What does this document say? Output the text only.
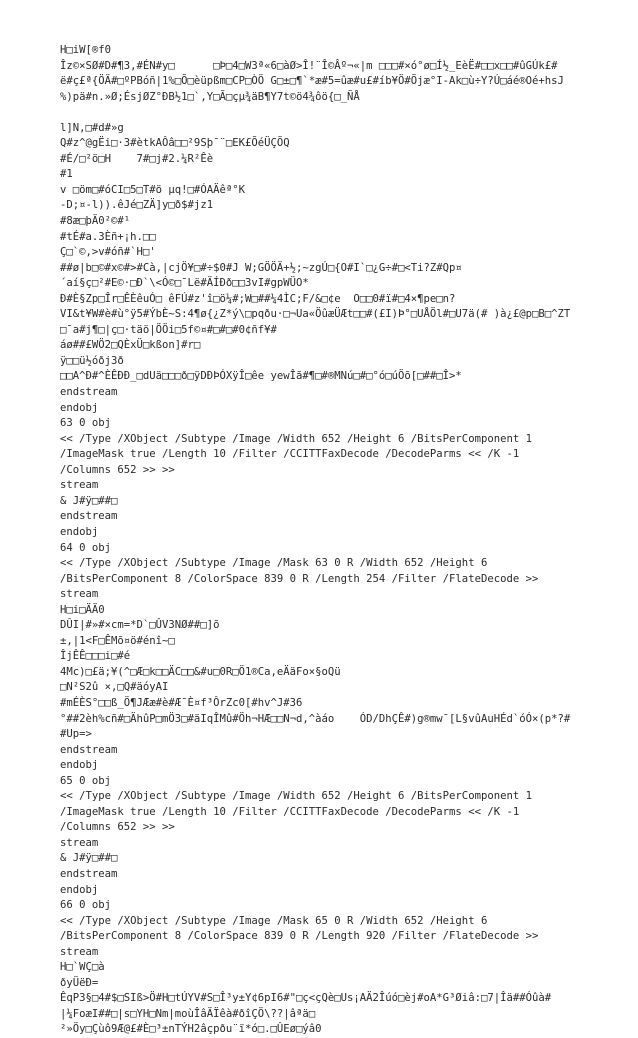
H□iW[®f0
Îz©×SØ#D#¶3,#ÉN#y□      □Þ□4□W3ª«6□àØ>Î!¨Î©Âº¬«|m □□□#×ó°ø□Í½_EèË#□□x□□#ûGÚk£#
ë#ç£ª{ÖÄ#□ºPBóñ|1%□Õ□èüpßm□CP□ÒÖ G□±□¶`*æ#5=ûæ#u£#íb¥Ö#Õjæ°I-Ak□ù÷Y?Ú□áé®Oé+hsJ
%)pä#n.»Ø;ÉsjØZ°ÐB½1□`,Y□Ã□çµ¾äB¶Y7t©ö4¾ôö{□_ÑÅ

l]N,□#d#»g
Q#z^@gËi□·3#ètkAÔâ□□²9Sþ¯¨□EK£ÕéÜÇÕQ
#É/□²ö□H    7#□j#2.¼R²Êè
#1
v □öm□#óCI□5□T#ö µq!□#ÓAÄêª°K
-D;¤-l)).êJé□ZÄ]y□ð$#jz1
#8æ□þÄ0²©#¹
#tÉ#a.3Èñ+¡h.□□
Ç□`©,>v#óñ#`H□'
##ø|b□©#x©#>#Cà,|cjÖ¥□#÷$0#J W;GÖÖÄ+½;~zgÚ□{O#I`□¿G÷#□<Ti?Z#Qp¤
´aí§ç□²#E©·□Ð`\<Ó©□¯Lë#ÄÍÐð□□3vI#gpWÜO*
Ð#È§Zp□Îr□ÊÈêuÓ□ êFÚ#z'î□ö¼#;W□##¼4ÌC;F/&□¢e  O□□0#ï#□4×¶pe□n?
VI&t¥W#è#ù°ÿ5#ÝbÈ~S:4¶ø{¿Z*ý\□pqðu·□¬Ua«ÖûæÜÆt□□#(£I)Þ°□UÅÖl#□U7ä(# )à¿£@p□B□^ZT
□¯a#j¶□|ç□·täö|ÖÖi□5f©¤#□#□#0¢ñf¥#
áø##£WÖ2□QÈxÜ□kßon]#r□
ÿ□□ü½óðj3ð
□□A^Ð#^ÈÊÐÐ_□dUä□□□ð□ÿDÐÞÓXÿÎ□êe yewÎã#¶□#®MNú□#□°ó□úÖõ[□##□Î>*
endstream
endobj
63 0 obj
<< /Type /XObject /Subtype /Image /Width 652 /Height 6 /BitsPerComponent 1
/ImageMask true /Length 10 /Filter /CCITTFaxDecode /DecodeParms << /K -1
/Columns 652 >> >>
stream
& J#ÿ□##□
endstream
endobj
64 0 obj
<< /Type /XObject /Subtype /Image /Mask 63 0 R /Width 652 /Height 6
/BitsPerComponent 8 /ColorSpace 839 0 R /Length 254 /Filter /FlateDecode >>
stream
H□i□ÄÄ0
DÛI|#»#×cm=*D`□ÛV3NØ##□]õ
±,|1<F□ÊMõ¤ö#énî~□
ÎjÊÊ□□□i□#é
4Mc)□£ä;¥(^□Æ□k□□ÄC□□&#u□0R□Ö1®Ca,eÄäFo×§oQü
□N²S2û ×,□Q#äóyAI
#mÉÈS°□□ß_Ö¶JÆæ#è#Æ¯È¤f³ÔrZc0[#hv^J#36
°##2èh%cñ#□ÄhûP□mÖ3□#äIqÎMû#Öh¬HÆ□□N¬d,^àáo    ÓD/DhÇÊ#)g®mw¯[L§vûAuHÉd`óÓ×(p*?#
#Up=>
endstream
endobj
65 0 obj
<< /Type /XObject /Subtype /Image /Width 652 /Height 6 /BitsPerComponent 1
/ImageMask true /Length 10 /Filter /CCITTFaxDecode /DecodeParms << /K -1
/Columns 652 >> >>
stream
& J#ÿ□##□
endstream
endobj
66 0 obj
<< /Type /XObject /Subtype /Image /Mask 65 0 R /Width 652 /Height 6
/BitsPerComponent 8 /ColorSpace 839 0 R /Length 920 /Filter /FlateDecode >>
stream
H□`WÇ□à
ðyÜëÐ=
ÊqP3§□4#$□SIß>Ö#H□tÚYV#S□Î³y±Y¢6pI6#"□ç<çQè□Us¡AÄ2Îúó□èj#oA*G³Øiâ:□7|Îä##Óûà#
|¼FoæI##□|s□YH□Nm|moùÎâÄÏêà#ðîÇÖ\??|âªä□
²»Öy□Çùô9Æ@£#È□³±nTÝH2âçpðu¨ï*ó□.□ÛEø□ýâ0
